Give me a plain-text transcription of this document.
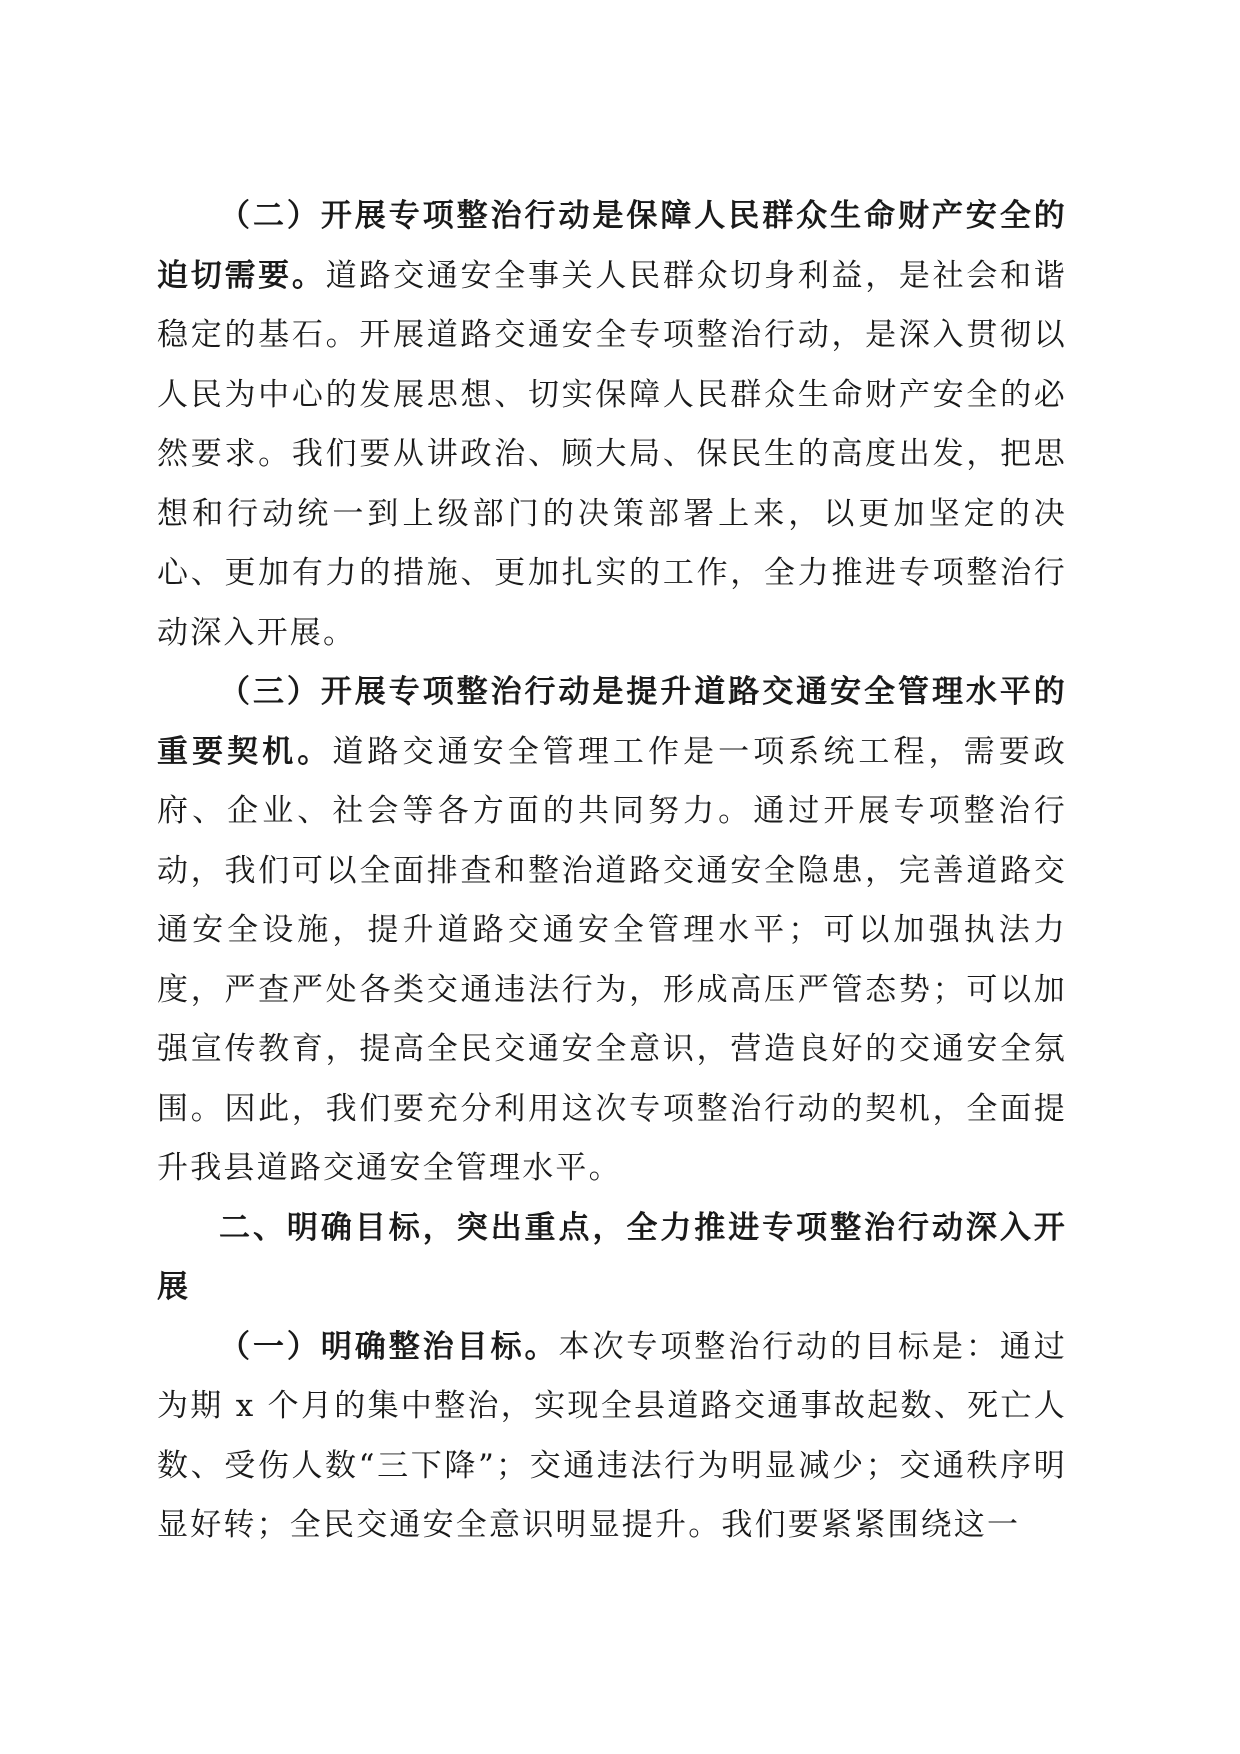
（二）开展专项整治行动是保障人民群众生命财产安全的迫切需要。道路交通安全事关人民群众切身利益，是社会和谐稳定的基石。开展道路交通安全专项整治行动，是深入贯彻以人民为中心的发展思想、切实保障人民群众生命财产安全的必然要求。我们要从讲政治、顾大局、保民生的高度出发，把思想和行动统一到上级部门的决策部署上来，以更加坚定的决心、更加有力的措施、更加扎实的工作，全力推进专项整治行动深入开展。

（三）开展专项整治行动是提升道路交通安全管理水平的重要契机。道路交通安全管理工作是一项系统工程，需要政府、企业、社会等各方面的共同努力。通过开展专项整治行动，我们可以全面排查和整治道路交通安全隐患，完善道路交通安全设施，提升道路交通安全管理水平；可以加强执法力度，严查严处各类交通违法行为，形成高压严管态势；可以加强宣传教育，提高全民交通安全意识，营造良好的交通安全氛围。因此，我们要充分利用这次专项整治行动的契机，全面提升我县道路交通安全管理水平。

二、明确目标，突出重点，全力推进专项整治行动深入开展

（一）明确整治目标。本次专项整治行动的目标是：通过为期 x 个月的集中整治，实现全县道路交通事故起数、死亡人数、受伤人数“三下降”；交通违法行为明显减少；交通秩序明显好转；全民交通安全意识明显提升。我们要紧紧围绕这一
